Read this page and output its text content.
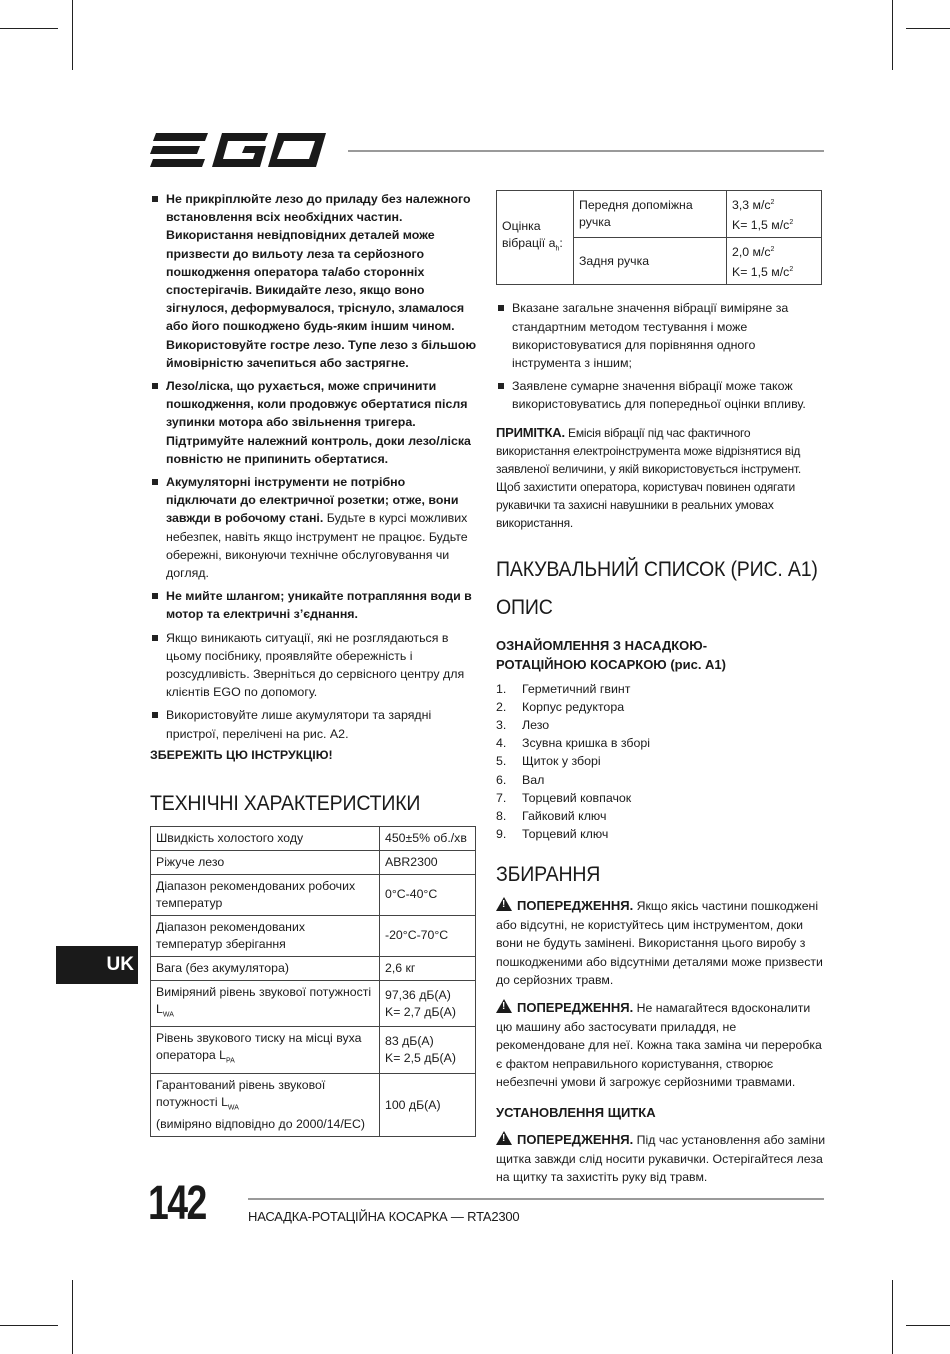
Не прикріплюйте лезо до приладу без належного встановлення всіх необхідних частин. Використання невідповідних деталей може призвести до вильоту леза та серйозного пошкодження оператора та/або сторонніх спостерігачів. Викидайте лезо, якщо воно зігнулося, деформувалося, тріснуло, зламалося або його пошкоджено будь-яким іншим чином. Використовуйте гостре лезо. Тупе лезо з більшою ймовірністю зачепиться або застрягне.
Лезо/ліска, що рухається, може спричинити пошкодження, коли продовжує обертатися після зупинки мотора або звільнення тригера. Підтримуйте належний контроль, доки лезо/ліска повністю не припинить обертатися.
Акумуляторні інструменти не потрібно підключати до електричної розетки; отже, вони завжди в робочому стані. Будьте в курсі можливих небезпек, навіть якщо інструмент не працює. Будьте обережні, виконуючи технічне обслуговування чи догляд.
Не мийте шлангом; уникайте потрапляння води в мотор та електричні з’єднання.
Якщо виникають ситуації, які не розглядаються в цьому посібнику, проявляйте обережність і розсудливість. Зверніться до сервісного центру для клієнтів EGO по допомогу.
Використовуйте лише акумулятори та зарядні пристрої, перелічені на рис. A2.
ЗБЕРЕЖІТЬ ЦЮ ІНСТРУКЦІЮ!
ТЕХНІЧНІ ХАРАКТЕРИСТИКИ
Швидкість холостого ходу	450±5% об./хв
Ріжуче лезо	ABR2300
Діапазон рекомендованих робочих температур	0°C-40°C
Діапазон рекомендованих температур зберігання	-20°C-70°C
Вага (без акумулятора)	2,6 кг
Виміряний рівень звукової потужності $L_{WA}$	97,36 дБ(A)
K= 2,7 дБ(A)
Рівень звукового тиску на місці вуха оператора $L_{PA}$	83 дБ(A)
K= 2,5 дБ(A)
Гарантований рівень звукової потужності $L_{WA}$
(виміряно відповідно до 2000/14/EC)	100 дБ(A)
Оцінка вібрації $a_h$:	Передня допоміжна ручка	3,3 $м/с^2$
K= 1,5 $м/с^2$
	Задня ручка	2,0 $м/с^2$
K= 1,5 $м/с^2$
Вказане загальне значення вібрації виміряне за стандартним методом тестування і може використовуватися для порівняння одного інструмента з іншим;
Заявлене сумарне значення вібрації може також використовуватись для попередньої оцінки впливу.
ПРИМІТКА. Емісія вібрації під час фактичного використання електроінструмента може відрізнятися від заявленої величини, у якій використовується інструмент. Щоб захистити оператора, користувач повинен одягати рукавички та захисні навушники в реальних умовах використання.
ПАКУВАЛЬНИЙ СПИСОК (РИС. A1)
ОПИС
ОЗНАЙОМЛЕННЯ З НАСАДКОЮ-РОТАЦІЙНОЮ КОСАРКОЮ (рис. A1)
1.	Герметичний гвинт
2.	Корпус редуктора
3.	Лезо
4.	Зсувна кришка в зборі
5.	Щиток у зборі
6.	Вал
7.	Торцевий ковпачок
8.	Гайковий ключ
9.	Торцевий ключ
ЗБИРАННЯ
!ПОПЕРЕДЖЕННЯ. Якщо якісь частини пошкоджені або відсутні, не користуйтесь цим інструментом, доки вони не будуть замінені. Використання цього виробу з пошкодженими або відсутніми деталями може призвести до серйозних травм.
!ПОПЕРЕДЖЕННЯ. Не намагайтеся вдосконалити цю машину або застосувати приладдя, не рекомендоване для неї. Кожна така заміна чи переробка є фактом неправильного користування, створює небезпечні умови й загрожує серйозними травмами.
УСТАНОВЛЕННЯ ЩИТКА
!ПОПЕРЕДЖЕННЯ. Під час установлення або заміни щитка завжди слід носити рукавички. Остерігайтеся леза на щитку та захистіть руку від травм.
UK
142	НАСАДКА-РОТАЦІЙНА КОСАРКА — RTA2300
